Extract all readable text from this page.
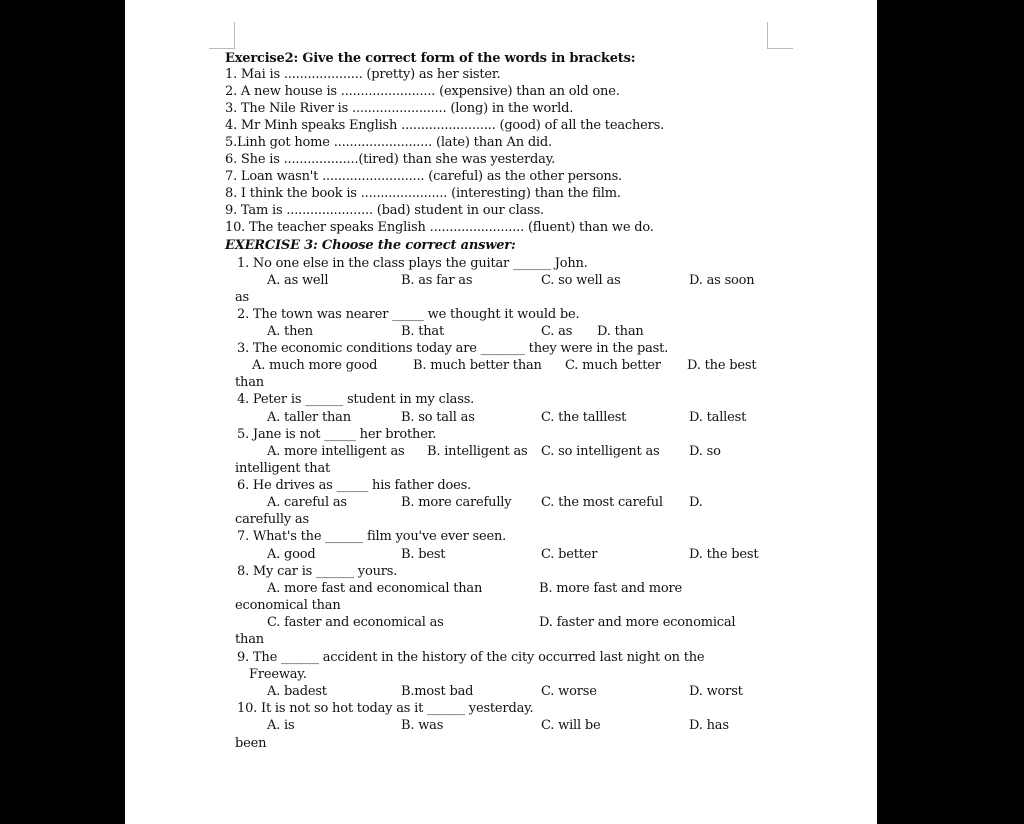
Exercise2: Give the correct form of the words in brackets:
1. Mai is .................... (pretty) as her sister.
2. A new house is ........................ (expensive) than an old one.
3. The Nile River is ........................ (long) in the world.
4. Mr Minh speaks English ........................ (good) of all the teachers.
5.Linh got home ......................... (late) than An did.
6. She is ...................(tired) than she was yesterday.
7. Loan wasn't .......................... (careful) as the other persons.
8. I think the book is ...................... (interesting) than the film.
9. Tam is ...................... (bad) student in our class.
10. The teacher speaks English ........................ (fluent) than we do.
EXERCISE 3: Choose the correct answer:
1. No one else in the class plays the guitar ______ John.
A. as well	B. as far as	C. so well as	D. as soon
as
2. The town was nearer _____ we thought it would be.
A. then	B. that	C. as D. than
3. The economic conditions today are _______ they were in the past.
A. much more good	B. much better than C. much better D. the best
than
4. Peter is ______ student in my class.
A. taller than	B. so tall as	C. the talllest	D. tallest
5. Jane is not _____ her brother.
A. more intelligent as B. intelligent as C. so intelligent as D. so
intelligent that
6. He drives as _____ his father does.
A. careful as	B. more carefully C. the most careful D.
carefully as
7. What's the ______ film you've ever seen.
A. good	B. best	C. better	D. the best
8. My car is ______ yours.
A. more fast and economical than	B. more fast and more
economical than
C. faster and economical as	D. faster and more economical
than
9. The ______ accident in the history of the city occurred last night on the
Freeway.
A. badest	B.most bad	C. worse	D. worst
10. It is not so hot today as it ______ yesterday.
A. is	B. was	C. will be	D. has
been
